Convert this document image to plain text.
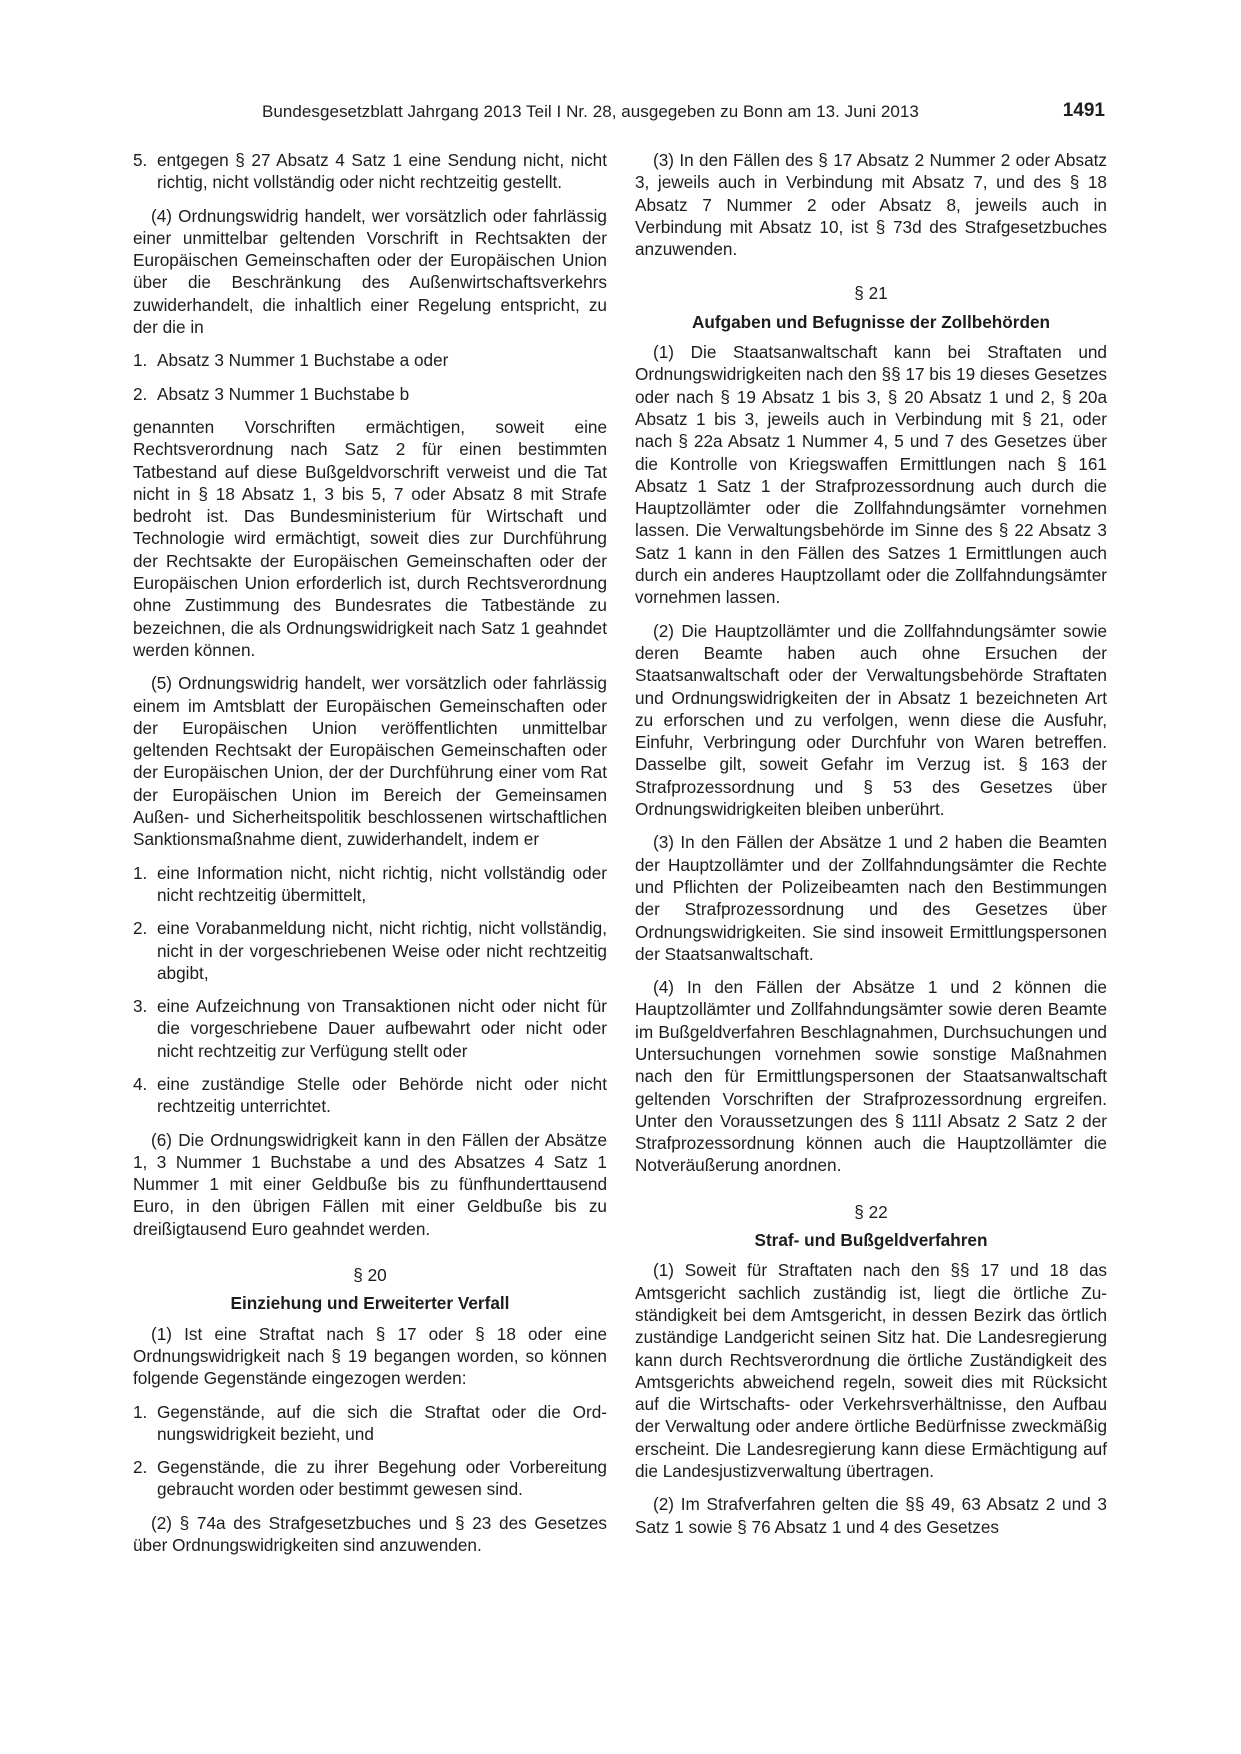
Bundesgesetzblatt Jahrgang 2013 Teil I Nr. 28, ausgegeben zu Bonn am 13. Juni 2013	1491
5. entgegen § 27 Absatz 4 Satz 1 eine Sendung nicht, nicht richtig, nicht vollständig oder nicht rechtzeitig gestellt.

(4) Ordnungswidrig handelt, wer vorsätzlich oder fahrlässig einer unmittelbar geltenden Vorschrift in Rechtsakten der Europäischen Gemeinschaften oder der Europäischen Union über die Beschränkung des Außenwirtschaftsverkehrs zuwiderhandelt, die inhaltlich einer Regelung entspricht, zu der die in

1. Absatz 3 Nummer 1 Buchstabe a oder
2. Absatz 3 Nummer 1 Buchstabe b

genannten Vorschriften ermächtigen, soweit eine Rechtsverordnung nach Satz 2 für einen bestimmten Tatbestand auf diese Bußgeldvorschrift verweist und die Tat nicht in § 18 Absatz 1, 3 bis 5, 7 oder Absatz 8 mit Strafe bedroht ist. Das Bundesministerium für Wirtschaft und Technologie wird ermächtigt, soweit dies zur Durchführung der Rechtsakte der Europäischen Gemeinschaften oder der Europäischen Union erforderlich ist, durch Rechtsverordnung ohne Zustimmung des Bundesrates die Tatbestände zu bezeichnen, die als Ordnungswidrigkeit nach Satz 1 geahndet werden können.

(5) Ordnungswidrig handelt, wer vorsätzlich oder fahrlässig einem im Amtsblatt der Europäischen Gemeinschaften oder der Europäischen Union veröffentlichten unmittelbar geltenden Rechtsakt der Europäischen Gemeinschaften oder der Europäischen Union, der der Durchführung einer vom Rat der Europäischen Union im Bereich der Gemeinsamen Außen- und Sicherheitspolitik beschlossenen wirtschaftlichen Sanktionsmaßnahme dient, zuwiderhandelt, indem er

1. eine Information nicht, nicht richtig, nicht vollständig oder nicht rechtzeitig übermittelt,
2. eine Vorabanmeldung nicht, nicht richtig, nicht vollständig, nicht in der vorgeschriebenen Weise oder nicht rechtzeitig abgibt,
3. eine Aufzeichnung von Transaktionen nicht oder nicht für die vorgeschriebene Dauer aufbewahrt oder nicht oder nicht rechtzeitig zur Verfügung stellt oder
4. eine zuständige Stelle oder Behörde nicht oder nicht rechtzeitig unterrichtet.

(6) Die Ordnungswidrigkeit kann in den Fällen der Absätze 1, 3 Nummer 1 Buchstabe a und des Absatzes 4 Satz 1 Nummer 1 mit einer Geldbuße bis zu fünfhunderttausend Euro, in den übrigen Fällen mit einer Geldbuße bis zu dreißigtausend Euro geahndet werden.

§ 20
Einziehung und Erweiterter Verfall

(1) Ist eine Straftat nach § 17 oder § 18 oder eine Ordnungswidrigkeit nach § 19 begangen worden, so können folgende Gegenstände eingezogen werden:

1. Gegenstände, auf die sich die Straftat oder die Ordnungswidrigkeit bezieht, und
2. Gegenstände, die zu ihrer Begehung oder Vorbereitung gebraucht worden oder bestimmt gewesen sind.

(2) § 74a des Strafgesetzbuches und § 23 des Gesetzes über Ordnungswidrigkeiten sind anzuwenden.

(3) In den Fällen des § 17 Absatz 2 Nummer 2 oder Absatz 3, jeweils auch in Verbindung mit Absatz 7, und des § 18 Absatz 7 Nummer 2 oder Absatz 8, jeweils auch in Verbindung mit Absatz 10, ist § 73d des Strafgesetzbuches anzuwenden.

§ 21
Aufgaben und Befugnisse der Zollbehörden

(1) Die Staatsanwaltschaft kann bei Straftaten und Ordnungswidrigkeiten nach den §§ 17 bis 19 dieses Gesetzes oder nach § 19 Absatz 1 bis 3, § 20 Absatz 1 und 2, § 20a Absatz 1 bis 3, jeweils auch in Verbindung mit § 21, oder nach § 22a Absatz 1 Nummer 4, 5 und 7 des Gesetzes über die Kontrolle von Kriegswaffen Ermittlungen nach § 161 Absatz 1 Satz 1 der Strafprozessordnung auch durch die Hauptzollämter oder die Zollfahndungsämter vornehmen lassen. Die Verwaltungsbehörde im Sinne des § 22 Absatz 3 Satz 1 kann in den Fällen des Satzes 1 Ermittlungen auch durch ein anderes Hauptzollamt oder die Zollfahndungsämter vornehmen lassen.

(2) Die Hauptzollämter und die Zollfahndungsämter sowie deren Beamte haben auch ohne Ersuchen der Staatsanwaltschaft oder der Verwaltungsbehörde Straftaten und Ordnungswidrigkeiten der in Absatz 1 bezeichneten Art zu erforschen und zu verfolgen, wenn diese die Ausfuhr, Einfuhr, Verbringung oder Durchfuhr von Waren betreffen. Dasselbe gilt, soweit Gefahr im Verzug ist. § 163 der Strafprozessordnung und § 53 des Gesetzes über Ordnungswidrigkeiten bleiben unberührt.

(3) In den Fällen der Absätze 1 und 2 haben die Beamten der Hauptzollämter und der Zollfahndungsämter die Rechte und Pflichten der Polizeibeamten nach den Bestimmungen der Strafprozessordnung und des Gesetzes über Ordnungswidrigkeiten. Sie sind insoweit Ermittlungspersonen der Staatsanwaltschaft.

(4) In den Fällen der Absätze 1 und 2 können die Hauptzollämter und Zollfahndungsämter sowie deren Beamte im Bußgeldverfahren Beschlagnahmen, Durchsuchungen und Untersuchungen vornehmen sowie sonstige Maßnahmen nach den für Ermittlungspersonen der Staatsanwaltschaft geltenden Vorschriften der Strafprozessordnung ergreifen. Unter den Voraussetzungen des § 111l Absatz 2 Satz 2 der Strafprozessordnung können auch die Hauptzollämter die Notveräußerung anordnen.

§ 22
Straf- und Bußgeldverfahren

(1) Soweit für Straftaten nach den §§ 17 und 18 das Amtsgericht sachlich zuständig ist, liegt die örtliche Zuständigkeit bei dem Amtsgericht, in dessen Bezirk das örtlich zuständige Landgericht seinen Sitz hat. Die Landesregierung kann durch Rechtsverordnung die örtliche Zuständigkeit des Amtsgerichts abweichend regeln, soweit dies mit Rücksicht auf die Wirtschafts- oder Verkehrsverhältnisse, den Aufbau der Verwaltung oder andere örtliche Bedürfnisse zweckmäßig erscheint. Die Landesregierung kann diese Ermächtigung auf die Landesjustizverwaltung übertragen.

(2) Im Strafverfahren gelten die §§ 49, 63 Absatz 2 und 3 Satz 1 sowie § 76 Absatz 1 und 4 des Gesetzes
